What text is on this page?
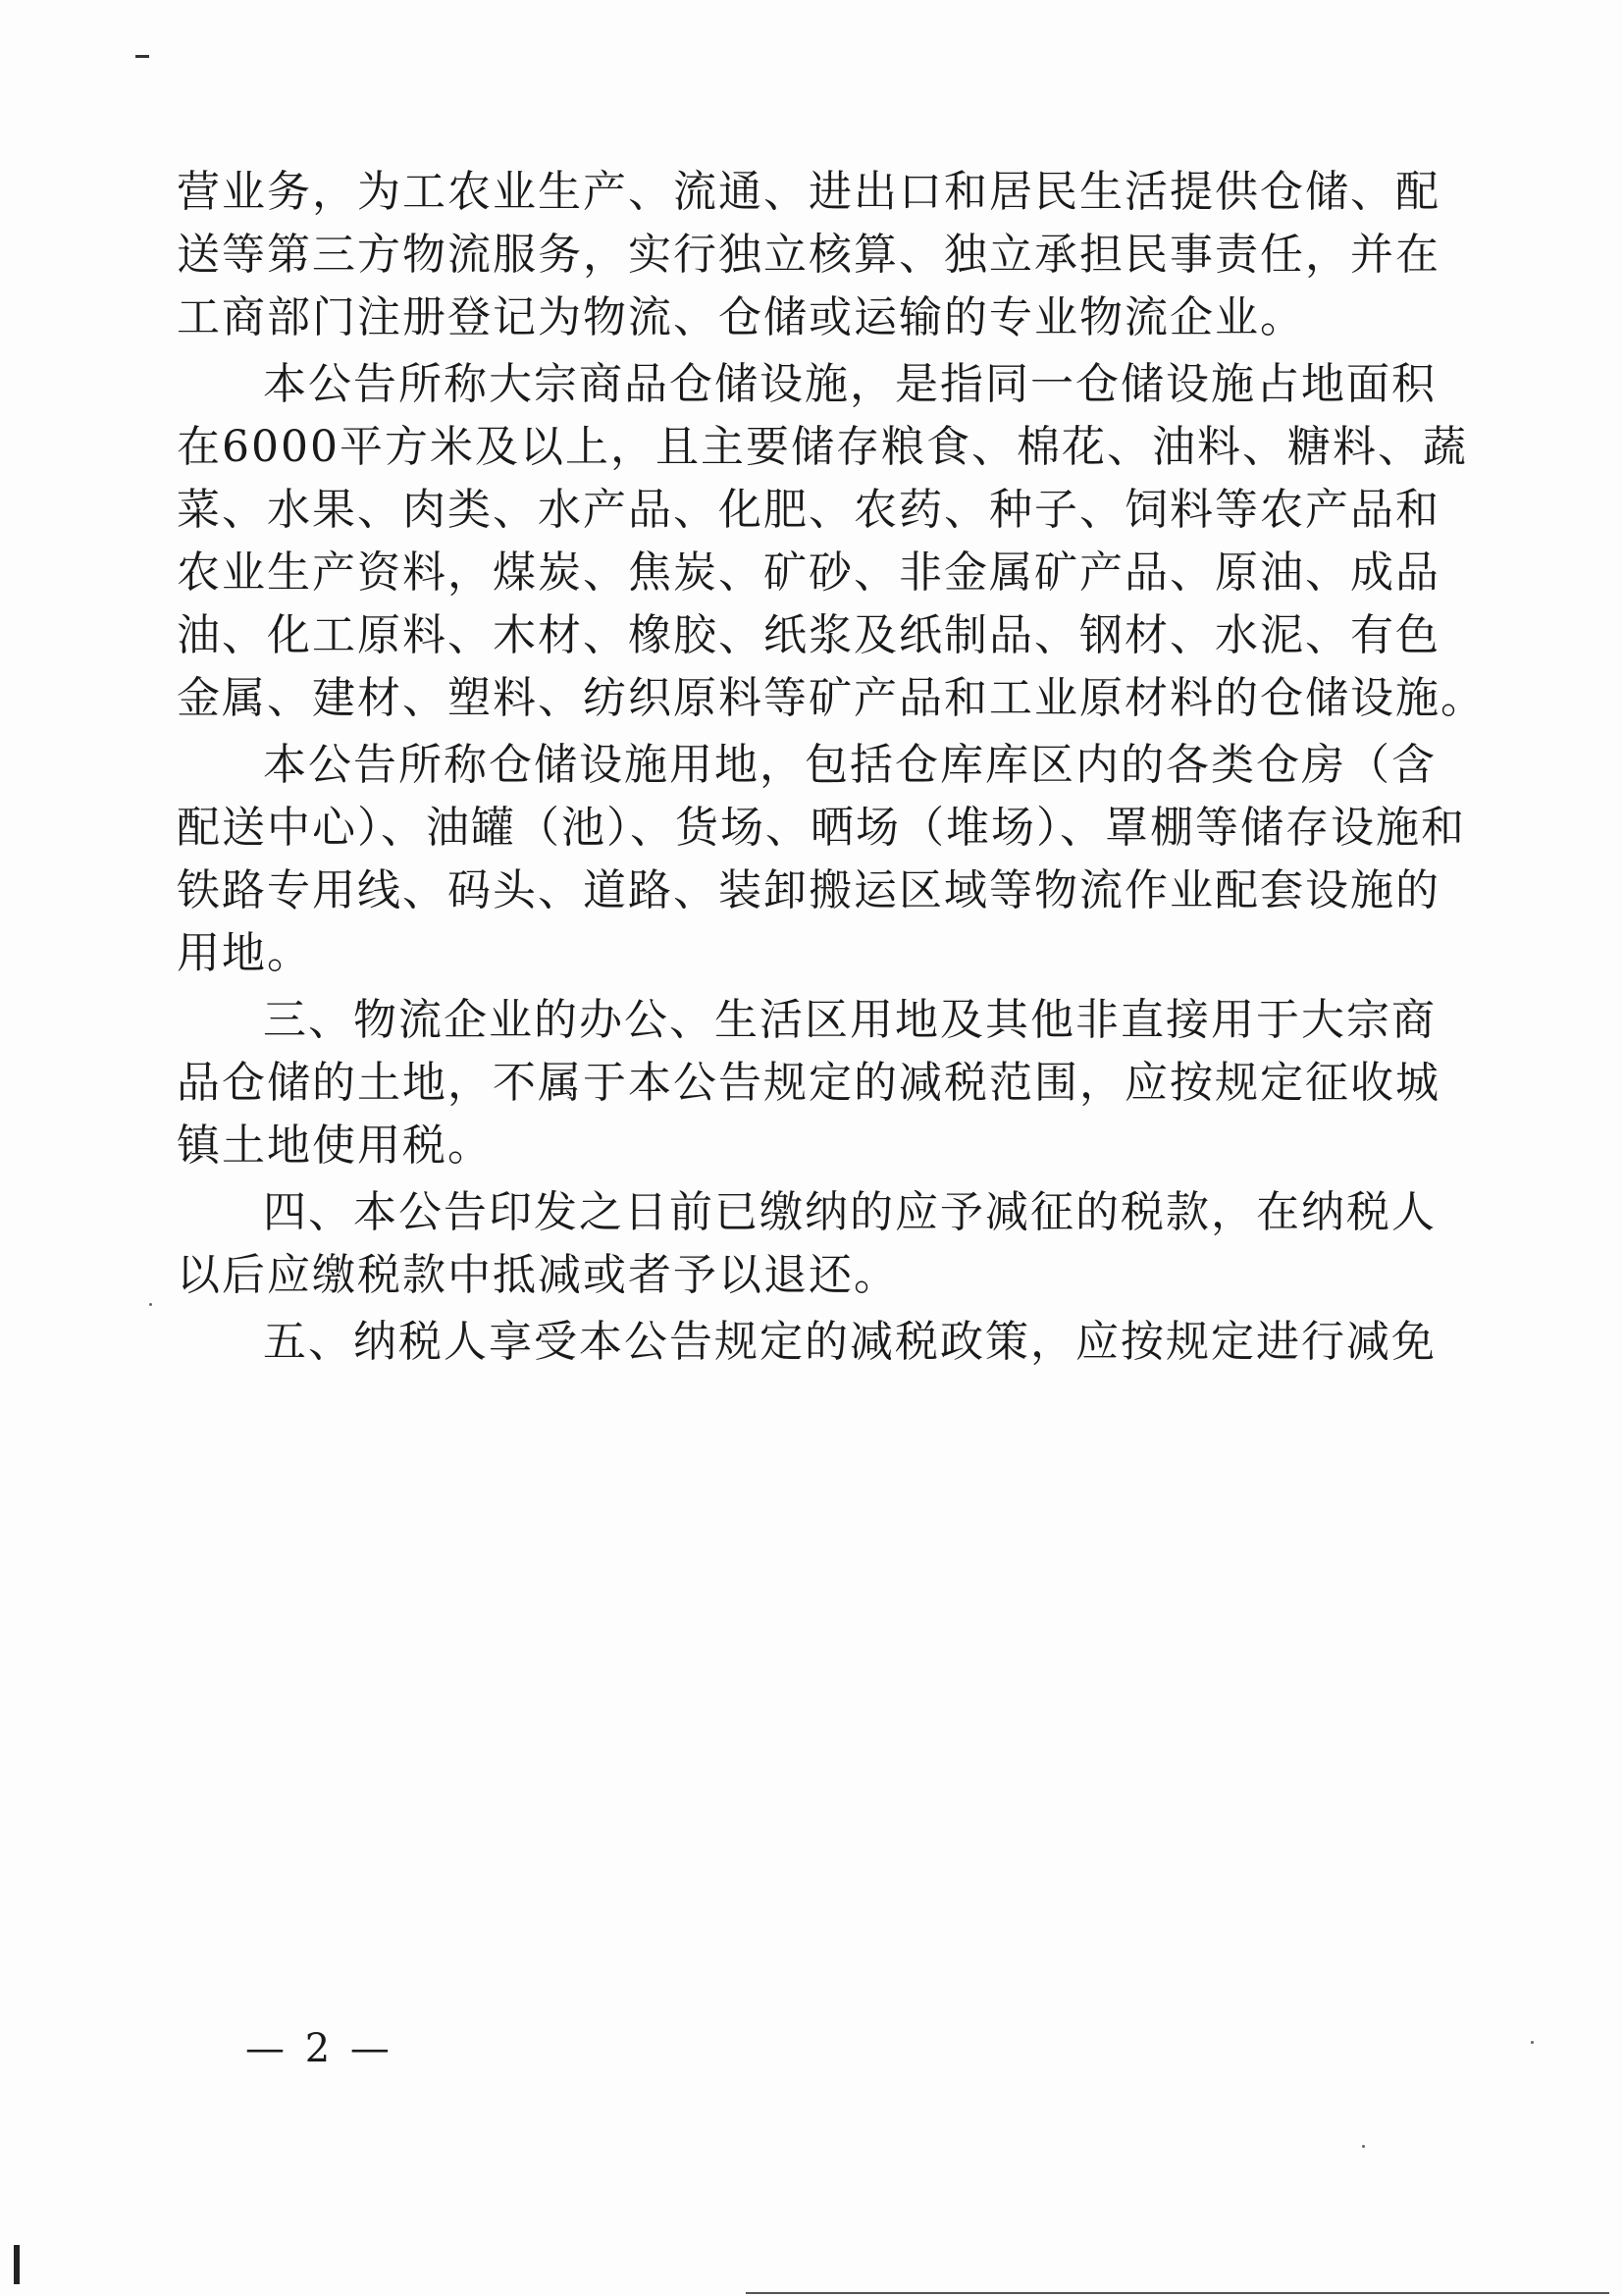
营业务，为工农业生产、流通、进出口和居民生活提供仓储、配
送等第三方物流服务，实行独立核算、独立承担民事责任，并在
工商部门注册登记为物流、仓储或运输的专业物流企业。
本公告所称大宗商品仓储设施，是指同一仓储设施占地面积
在6000平方米及以上，且主要储存粮食、棉花、油料、糖料、蔬
菜、水果、肉类、水产品、化肥、农药、种子、饲料等农产品和
农业生产资料，煤炭、焦炭、矿砂、非金属矿产品、原油、成品
油、化工原料、木材、橡胶、纸浆及纸制品、钢材、水泥、有色
金属、建材、塑料、纺织原料等矿产品和工业原材料的仓储设施。
本公告所称仓储设施用地，包括仓库库区内的各类仓房（含
配送中心）、油罐（池）、货场、晒场（堆场）、罩棚等储存设施和
铁路专用线、码头、道路、装卸搬运区域等物流作业配套设施的
用地。
三、物流企业的办公、生活区用地及其他非直接用于大宗商
品仓储的土地，不属于本公告规定的减税范围，应按规定征收城
镇土地使用税。
四、本公告印发之日前已缴纳的应予减征的税款，在纳税人
以后应缴税款中抵减或者予以退还。
五、纳税人享受本公告规定的减税政策，应按规定进行减免
— 2 —
